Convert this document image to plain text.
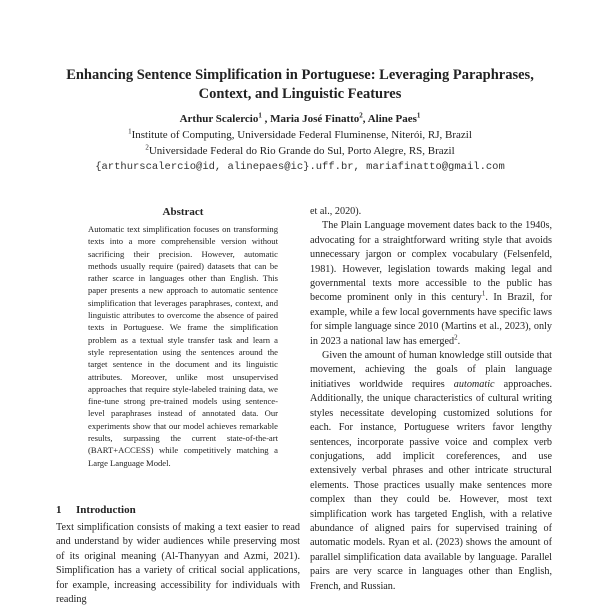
Enhancing Sentence Simplification in Portuguese: Leveraging Paraphrases,
Context, and Linguistic Features
Arthur Scalercio$^1$ , Maria José Finatto$^2$, Aline Paes$^1$
$^1$Institute of Computing, Universidade Federal Fluminense, Niterói, RJ, Brazil
$^2$Universidade Federal do Rio Grande do Sul, Porto Alegre, RS, Brazil
{arthurscalercio@id, alinepaes@ic}.uff.br, mariafinatto@gmail.com
Abstract

Automatic text simplification focuses on transforming texts into a more comprehensible version without sacrificing their precision. However, automatic methods usually require (paired) datasets that can be rather scarce in languages other than English. This paper presents a new approach to automatic sentence simplification that leverages paraphrases, context, and linguistic attributes to overcome the absence of paired texts in Portuguese. We frame the simplification problem as a textual style transfer task and learn a style representation using the sentences around the target sentence in the document and its linguistic attributes. Moreover, unlike most unsupervised approaches that require style-labeled training data, we fine-tune strong pre-trained models using sentence-level paraphrases instead of annotated data. Our experiments show that our model achieves remarkable results, surpassing the current state-of-the-art (BART+ACCESS) while competitively matching a Large Language Model.

1 Introduction

Text simplification consists of making a text easier to read and understand by wider audiences while preserving most of its original meaning (Al-Thanyyan and Azmi, 2021). Simplification has a variety of critical social applications, for example, increasing accessibility for individuals with reading

et al., 2020).

The Plain Language movement dates back to the 1940s, advocating for a straightforward writing style that avoids unnecessary jargon or complex vocabulary (Felsenfeld, 1981). However, legislation towards making legal and governmental texts more accessible to the public has become prominent only in this century$^1$. In Brazil, for example, while a few local governments have specific laws for simple language since 2010 (Martins et al., 2023), only in 2023 a national law has emerged$^2$.

Given the amount of human knowledge still outside that movement, achieving the goals of plain language initiatives worldwide requires automatic approaches. Additionally, the unique characteristics of cultural writing styles necessitate developing customized solutions for each. For instance, Portuguese writers favor lengthy sentences, incorporate passive voice and complex verb conjugations, add implicit coreferences, and use extensively verbal phrases and other intricate structural elements. Those practices usually make sentences more complex than they could be. However, most text simplification work has targeted English, with a relative abundance of aligned pairs for supervised training of automatic models. Ryan et al. (2023) shows the amount of parallel simplification data available by language. Parallel pairs are very scarce in languages other than English, French, and Russian.
